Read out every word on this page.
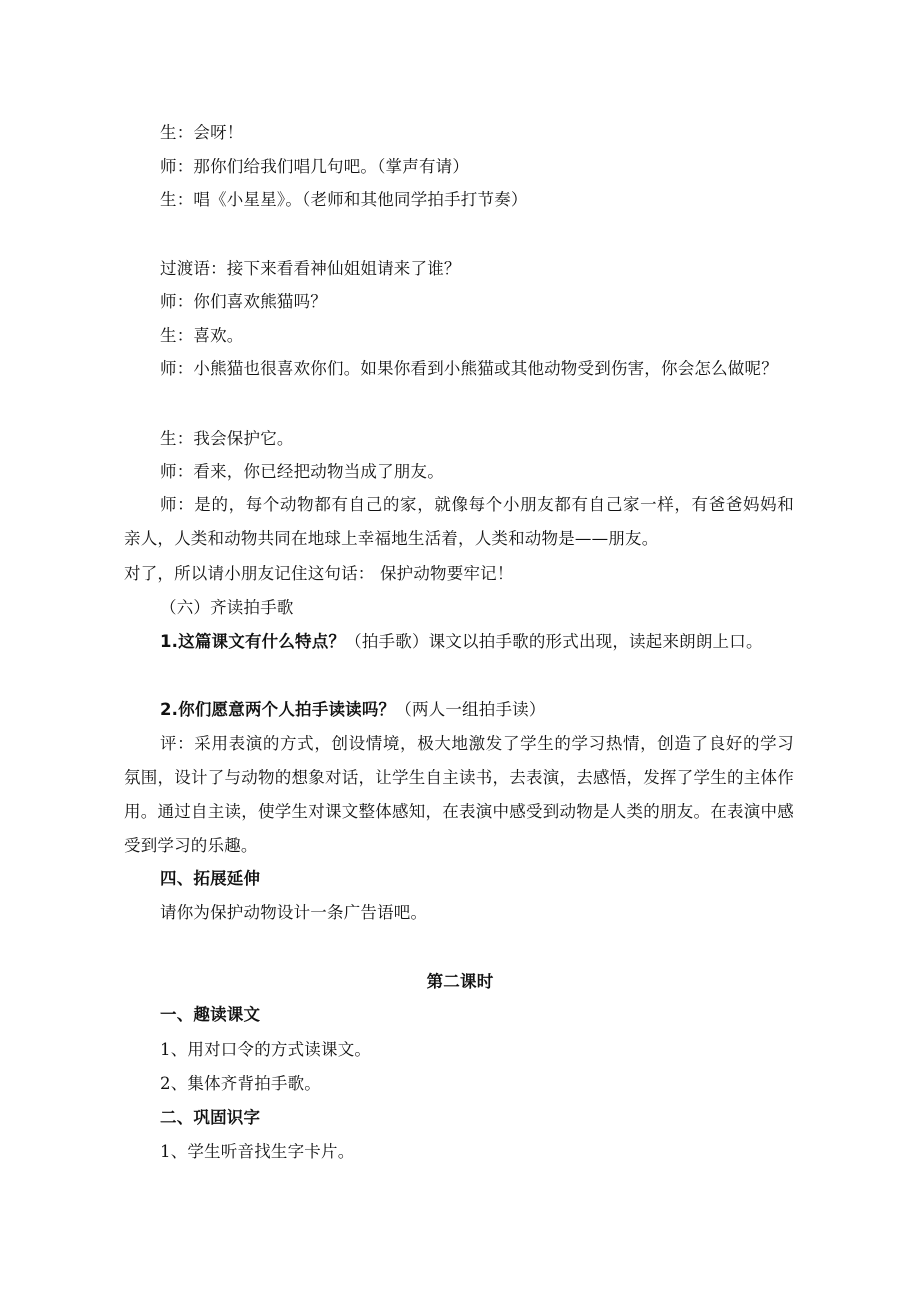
生：会呀！
师：那你们给我们唱几句吧。（掌声有请）
生：唱《小星星》。（老师和其他同学拍手打节奏）
过渡语：接下来看看神仙姐姐请来了谁？
师：你们喜欢熊猫吗？
生：喜欢。
师：小熊猫也很喜欢你们。如果你看到小熊猫或其他动物受到伤害，你会怎么做呢？
生：我会保护它。
师：看来，你已经把动物当成了朋友。
师：是的，每个动物都有自己的家，就像每个小朋友都有自己家一样，有爸爸妈妈和亲人，人类和动物共同在地球上幸福地生活着，人类和动物是——朋友。
对了，所以请小朋友记住这句话： 保护动物要牢记！
（六）齐读拍手歌
1.这篇课文有什么特点？（拍手歌）课文以拍手歌的形式出现，读起来朗朗上口。
2.你们愿意两个人拍手读读吗？（两人一组拍手读）
评：采用表演的方式，创设情境，极大地激发了学生的学习热情，创造了良好的学习氛围，设计了与动物的想象对话，让学生自主读书，去表演，去感悟，发挥了学生的主体作用。通过自主读，使学生对课文整体感知，在表演中感受到动物是人类的朋友。在表演中感受到学习的乐趣。
四、拓展延伸
请你为保护动物设计一条广告语吧。
第二课时
一、趣读课文
1、用对口令的方式读课文。
2、集体齐背拍手歌。
二、巩固识字
1、学生听音找生字卡片。
